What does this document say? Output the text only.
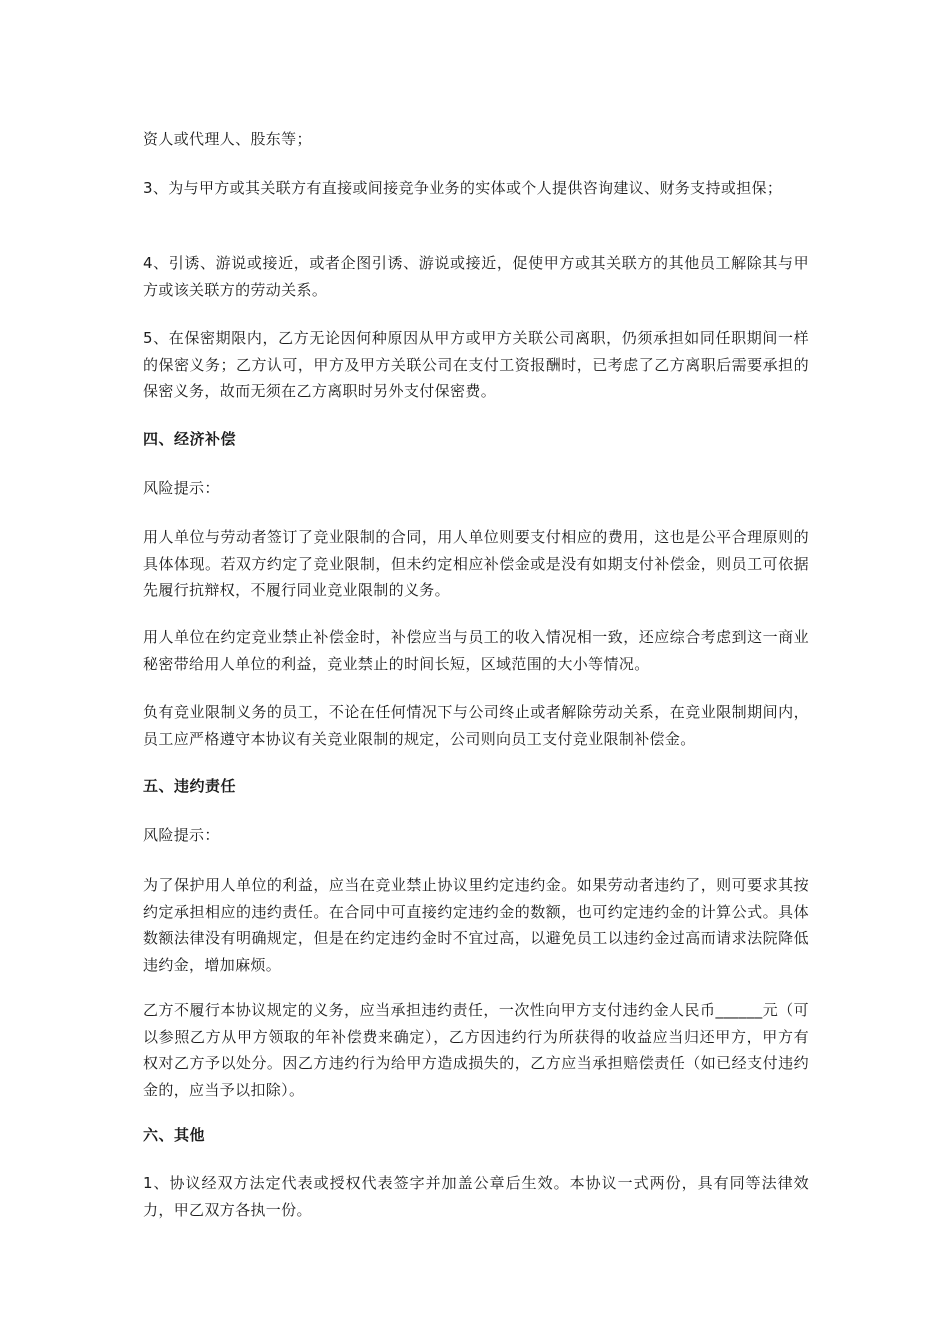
资人或代理人、股东等；

3、为与甲方或其关联方有直接或间接竞争业务的实体或个人提供咨询建议、财务支持或担保；

4、引诱、游说或接近，或者企图引诱、游说或接近，促使甲方或其关联方的其他员工解除其与甲方或该关联方的劳动关系。

5、在保密期限内，乙方无论因何种原因从甲方或甲方关联公司离职，仍须承担如同任职期间一样的保密义务；乙方认可，甲方及甲方关联公司在支付工资报酬时，已考虑了乙方离职后需要承担的保密义务，故而无须在乙方离职时另外支付保密费。

四、经济补偿

风险提示：

用人单位与劳动者签订了竞业限制的合同，用人单位则要支付相应的费用，这也是公平合理原则的具体体现。若双方约定了竞业限制，但未约定相应补偿金或是没有如期支付补偿金，则员工可依据先履行抗辩权，不履行同业竞业限制的义务。

用人单位在约定竞业禁止补偿金时，补偿应当与员工的收入情况相一致，还应综合考虑到这一商业秘密带给用人单位的利益，竞业禁止的时间长短，区域范围的大小等情况。

负有竞业限制义务的员工，不论在任何情况下与公司终止或者解除劳动关系，在竞业限制期间内，员工应严格遵守本协议有关竞业限制的规定，公司则向员工支付竞业限制补偿金。

五、违约责任

风险提示：

为了保护用人单位的利益，应当在竞业禁止协议里约定违约金。如果劳动者违约了，则可要求其按约定承担相应的违约责任。在合同中可直接约定违约金的数额，也可约定违约金的计算公式。具体数额法律没有明确规定，但是在约定违约金时不宜过高，以避免员工以违约金过高而请求法院降低违约金，增加麻烦。

乙方不履行本协议规定的义务，应当承担违约责任，一次性向甲方支付违约金人民币______元（可以参照乙方从甲方领取的年补偿费来确定），乙方因违约行为所获得的收益应当归还甲方，甲方有权对乙方予以处分。因乙方违约行为给甲方造成损失的，乙方应当承担赔偿责任（如已经支付违约金的，应当予以扣除）。

六、其他

1、协议经双方法定代表或授权代表签字并加盖公章后生效。本协议一式两份，具有同等法律效力，甲乙双方各执一份。
